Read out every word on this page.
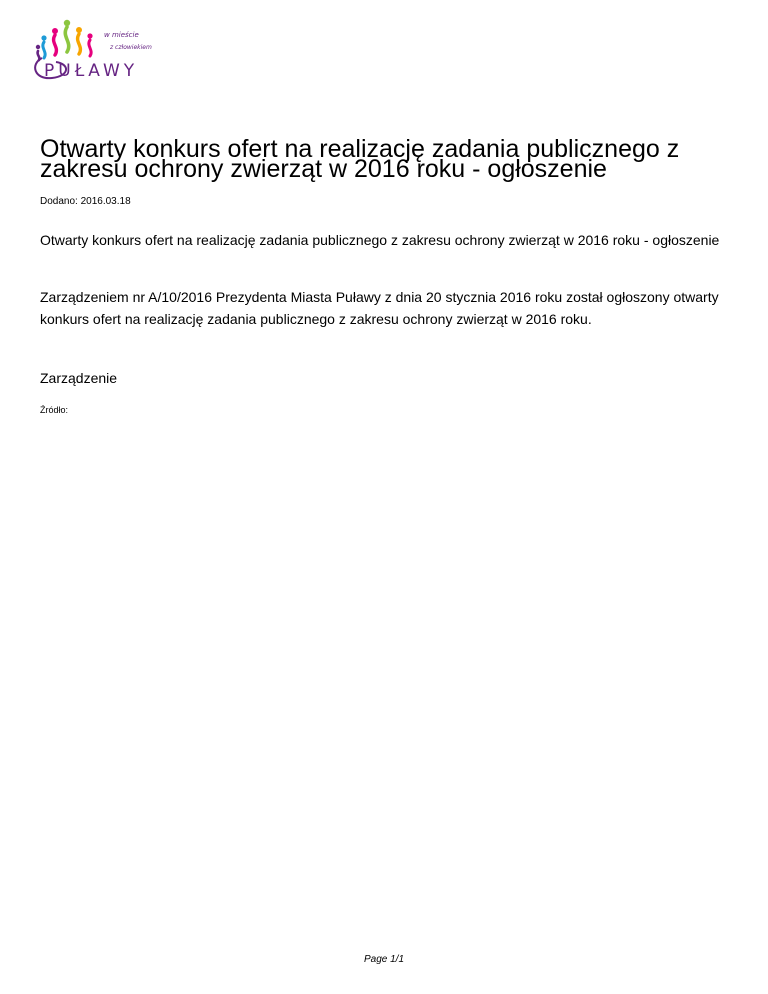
w mieście
z człowiekiem
PUŁAWY
Otwarty konkurs ofert na realizację zadania publicznego z zakresu ochrony zwierząt w 2016 roku - ogłoszenie
Dodano: 2016.03.18

Otwarty konkurs ofert na realizację zadania publicznego z zakresu ochrony zwierząt w 2016 roku - ogłoszenie

Zarządzeniem nr A/10/2016 Prezydenta Miasta Puławy z dnia 20 stycznia 2016 roku został ogłoszony otwarty konkurs ofert na realizację zadania publicznego z zakresu ochrony zwierząt w 2016 roku.

Zarządzenie
Źródło:
Page 1/1
